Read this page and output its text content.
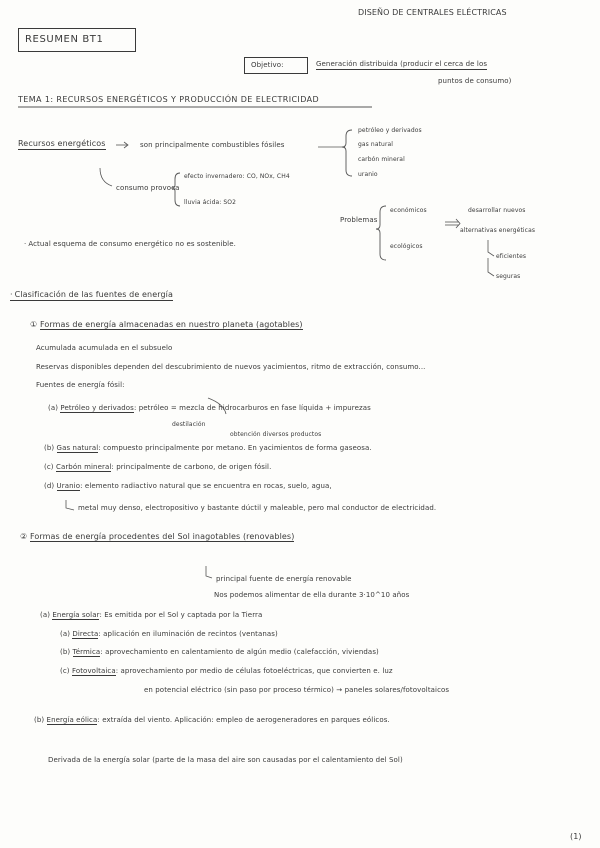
DISEÑO DE CENTRALES ELÉCTRICAS
RESUMEN BT1
Objetivo:	Generación distribuida (producir el cerca de los
puntos de consumo)
TEMA 1: RECURSOS ENERGÉTICOS Y PRODUCCIÓN DE ELECTRICIDAD
Recursos energéticos	son principalmente combustibles fósiles
petróleo y derivados
gas natural
carbón mineral
uranio
consumo provoca
efecto invernadero: CO, NOx, CH4
lluvia ácida: SO2
Problemas
económicos
ecológicos
desarrollar nuevos
alternativas energéticas
eficientes
seguras
· Actual esquema de consumo energético no es sostenible.
· Clasificación de las fuentes de energía
① Formas de energía almacenadas en nuestro planeta (agotables)
Acumulada acumulada en el subsuelo
Reservas disponibles dependen del descubrimiento de nuevos yacimientos, ritmo de extracción, consumo...
Fuentes de energía fósil:
(a) Petróleo y derivados: petróleo = mezcla de hidrocarburos en fase líquida + impurezas
destilación
obtención diversos productos
(b) Gas natural: compuesto principalmente por metano. En yacimientos de forma gaseosa.
(c) Carbón mineral: principalmente de carbono, de origen fósil.
(d) Uranio: elemento radiactivo natural que se encuentra en rocas, suelo, agua,
metal muy denso, electropositivo y bastante dúctil y maleable, pero mal conductor de electricidad.
② Formas de energía procedentes del Sol inagotables (renovables)
principal fuente de energía renovable
Nos podemos alimentar de ella durante 3·10^10 años
(a) Energía solar: Es emitida por el Sol y captada por la Tierra
(a) Directa: aplicación en iluminación de recintos (ventanas)
(b) Térmica: aprovechamiento en calentamiento de algún medio (calefacción, viviendas)
(c) Fotovoltaica: aprovechamiento por medio de células fotoeléctricas, que convierten e. luz
en potencial eléctrico (sin paso por proceso térmico) → paneles solares/fotovoltaicos
(b) Energía eólica: extraída del viento. Aplicación: empleo de aerogeneradores en parques eólicos.
Derivada de la energía solar (parte de la masa del aire son causadas por el calentamiento del Sol)
(1)
